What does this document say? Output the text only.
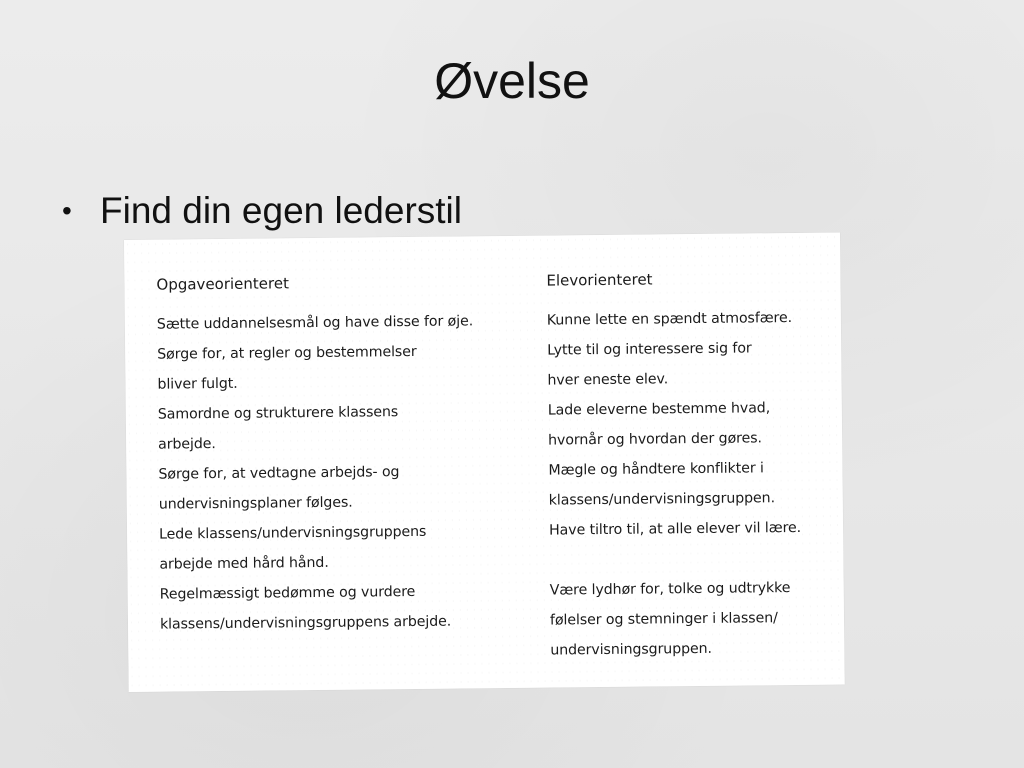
Øvelse
• Find din egen lederstil
Opgaveorienteret
Sætte uddannelsesmål og have disse for øje.
Sørge for, at regler og bestemmelser
bliver fulgt.
Samordne og strukturere klassens
arbejde.
Sørge for, at vedtagne arbejds- og
undervisningsplaner følges.
Lede klassens/undervisningsgruppens
arbejde med hård hånd.
Regelmæssigt bedømme og vurdere
klassens/undervisningsgruppens arbejde.
Elevorienteret
Kunne lette en spændt atmosfære.
Lytte til og interessere sig for
hver eneste elev.
Lade eleverne bestemme hvad,
hvornår og hvordan der gøres.
Mægle og håndtere konflikter i
klassens/undervisningsgruppen.
Have tiltro til, at alle elever vil lære.
Være lydhør for, tolke og udtrykke
følelser og stemninger i klassen/
undervisningsgruppen.
